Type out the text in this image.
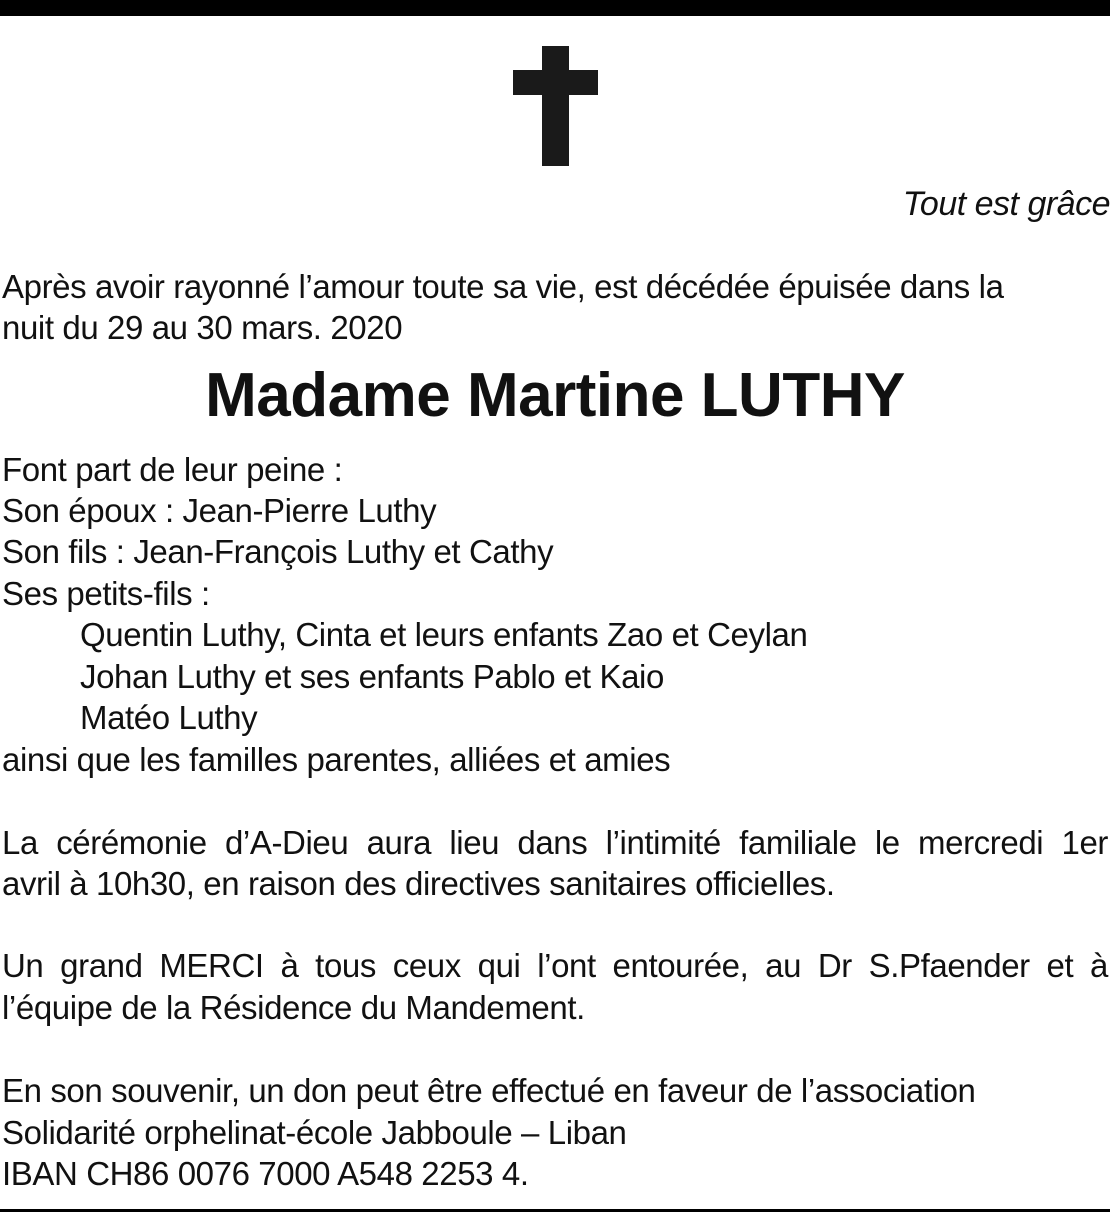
Tout est grâce
Après avoir rayonné l’amour toute sa vie, est décédée épuisée dans la
nuit du 29 au 30 mars. 2020
Madame Martine LUTHY
Font part de leur peine :
Son époux : Jean-Pierre Luthy
Son fils : Jean-François Luthy et Cathy
Ses petits-fils :
Quentin Luthy, Cinta et leurs enfants Zao et Ceylan
Johan Luthy et ses enfants Pablo et Kaio
Matéo Luthy
ainsi que les familles parentes, alliées et amies
La cérémonie d’A-Dieu aura lieu dans l’intimité familiale le mercredi 1er
avril à 10h30, en raison des directives sanitaires officielles.
Un grand MERCI à tous ceux qui l’ont entourée, au Dr S.Pfaender et à
l’équipe de la Résidence du Mandement.
En son souvenir, un don peut être effectué en faveur de l’association
Solidarité orphelinat-école Jabboule – Liban
IBAN CH86 0076 7000 A548 2253 4.
